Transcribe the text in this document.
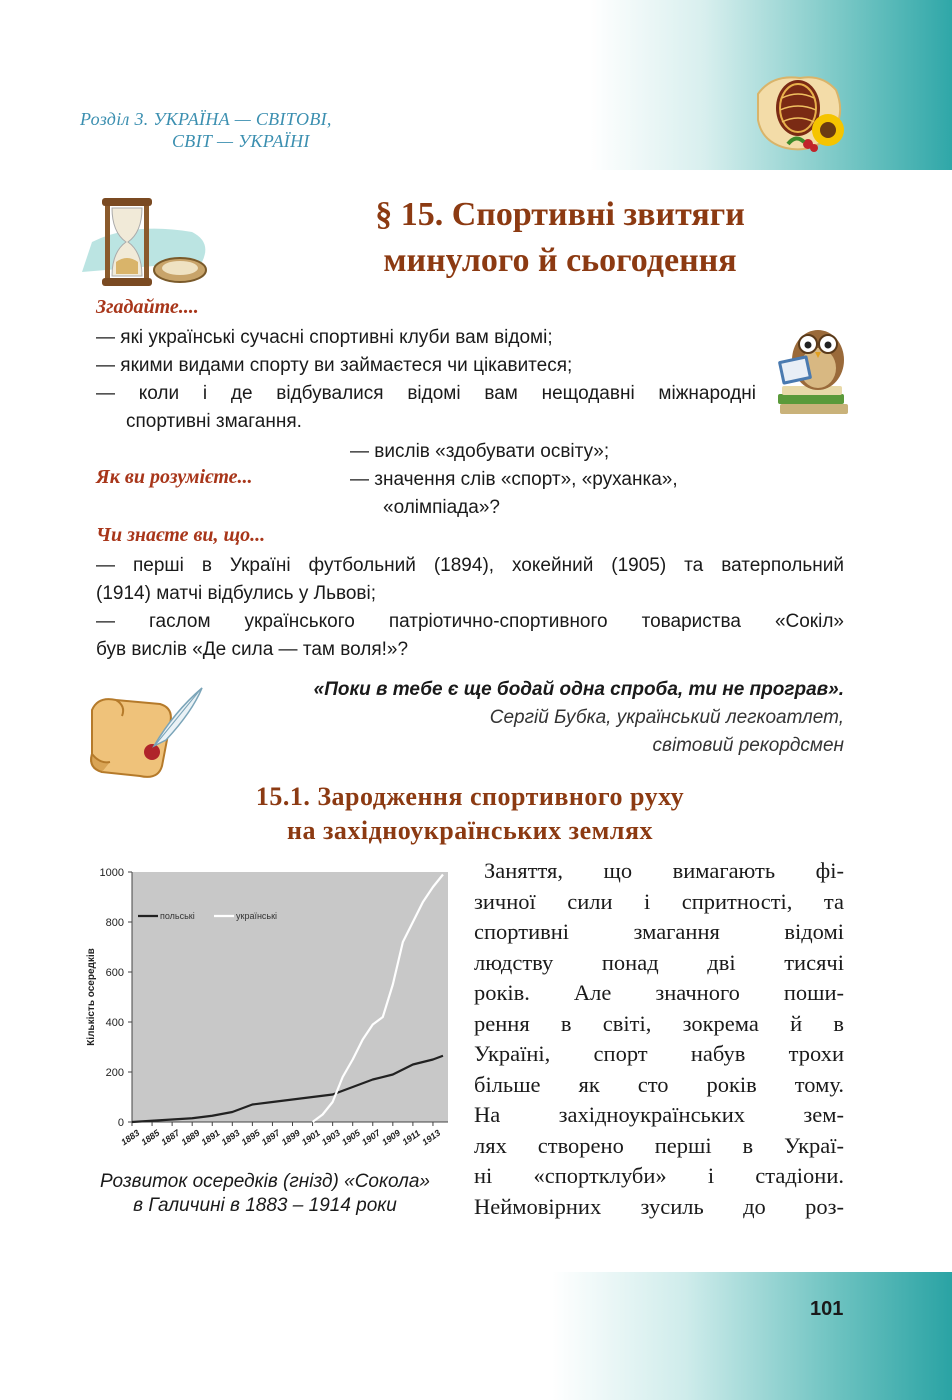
Розділ 3. УКРАЇНА — СВІТОВІ,
СВІТ — УКРАЇНІ
§ 15. Спортивні звитяги
минулого й сьогодення
Згадайте....
— які українські сучасні спортивні клуби вам відомі;
— якими видами спорту ви займаєтеся чи цікавитеся;
— коли і де відбувалися відомі вам нещодавні міжнародні
спортивні змагання.
— вислів «здобувати освіту»;
Як ви розумієте...	— значення слів «спорт», «руханка»,
«олімпіада»?
Чи знаєте ви, що...
— перші в Україні футбольний (1894), хокейний (1905) та ватерпольний
(1914) матчі відбулись у Львові;
— гаслом українського патріотично-спортивного товариства «Сокіл»
був вислів «Де сила — там воля!»?
«Поки в тебе є ще бодай одна спроба, ти не програв».
Сергій Бубка, український легкоатлет,
світовий рекордсмен
15.1. Зародження спортивного руху
на західноукраїнських землях
0
200
400
600
800
1000
Кількість осередків
1883
1885
1887
1889
1891
1893
1895
1897
1899
1901
1903
1905
1907
1909
1911
1913
польські	українські
Розвиток осередків (гнізд) «Сокола»
в Галичині в 1883 – 1914 роки
Заняття, що вимагають фі-
зичної сили і спритності, та
спортивні змагання відомі
людству понад дві тисячі
років. Але значного поши-
рення в світі, зокрема й в
Україні, спорт набув трохи
більше як сто років тому.
На західноукраїнських зем-
лях створено перші в Украї-
ні «спортклуби» і стадіони.
Неймовірних зусиль до роз-
101
